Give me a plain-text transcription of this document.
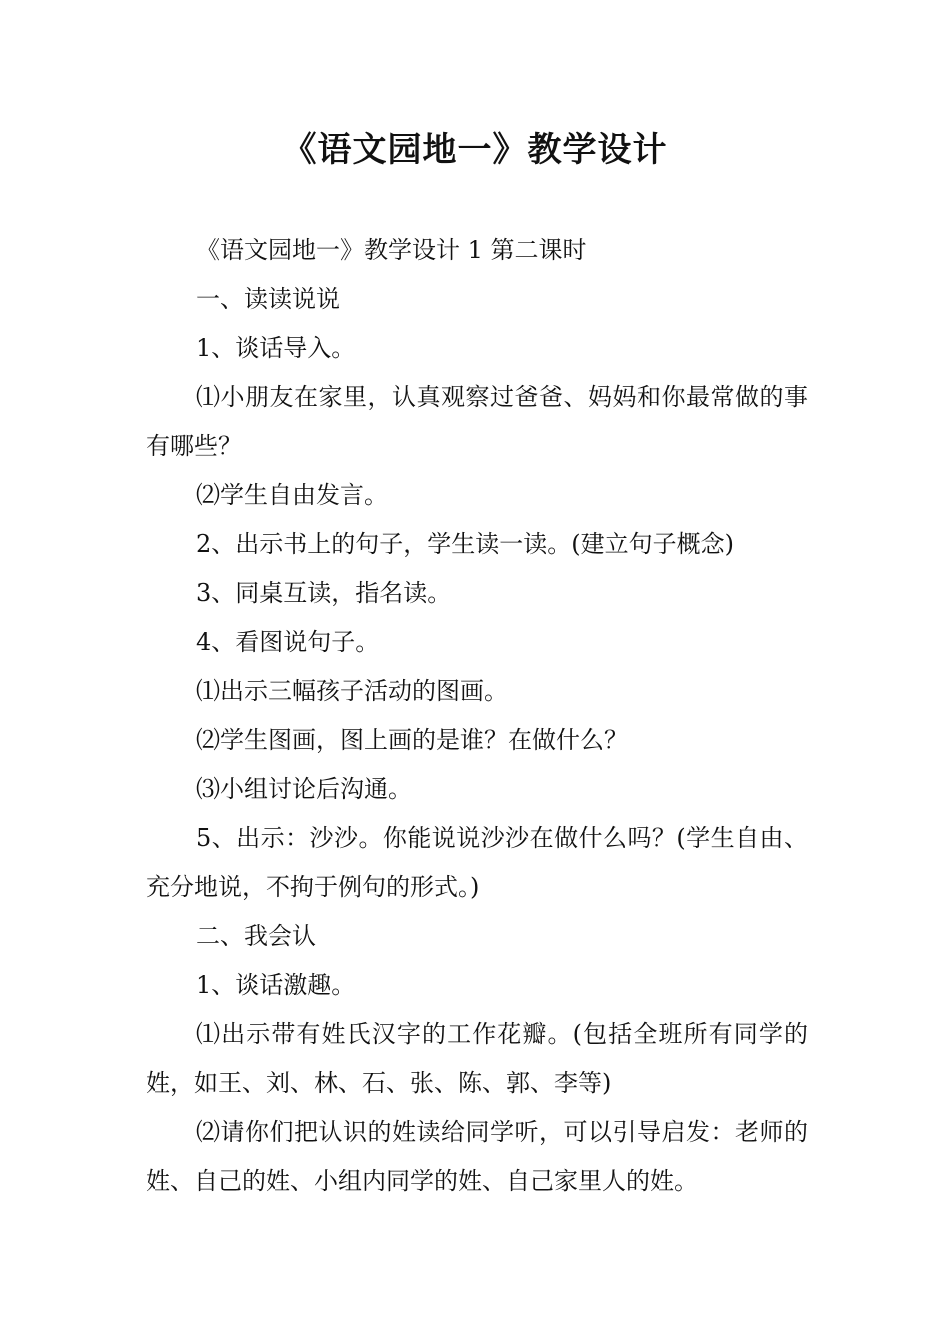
《语文园地一》教学设计

《语文园地一》教学设计 1 第二课时

一、读读说说

1、谈话导入。

⑴小朋友在家里，认真观察过爸爸、妈妈和你最常做的事有哪些？

⑵学生自由发言。

2、出示书上的句子，学生读一读。(建立句子概念)

3、同桌互读，指名读。

4、看图说句子。

⑴出示三幅孩子活动的图画。

⑵学生图画，图上画的是谁？在做什么？

⑶小组讨论后沟通。

5、出示：沙沙。你能说说沙沙在做什么吗？(学生自由、充分地说，不拘于例句的形式。)

二、我会认

1、谈话激趣。

⑴出示带有姓氏汉字的工作花瓣。(包括全班所有同学的姓，如王、刘、林、石、张、陈、郭、李等)

⑵请你们把认识的姓读给同学听，可以引导启发：老师的姓、自己的姓、小组内同学的姓、自己家里人的姓。
